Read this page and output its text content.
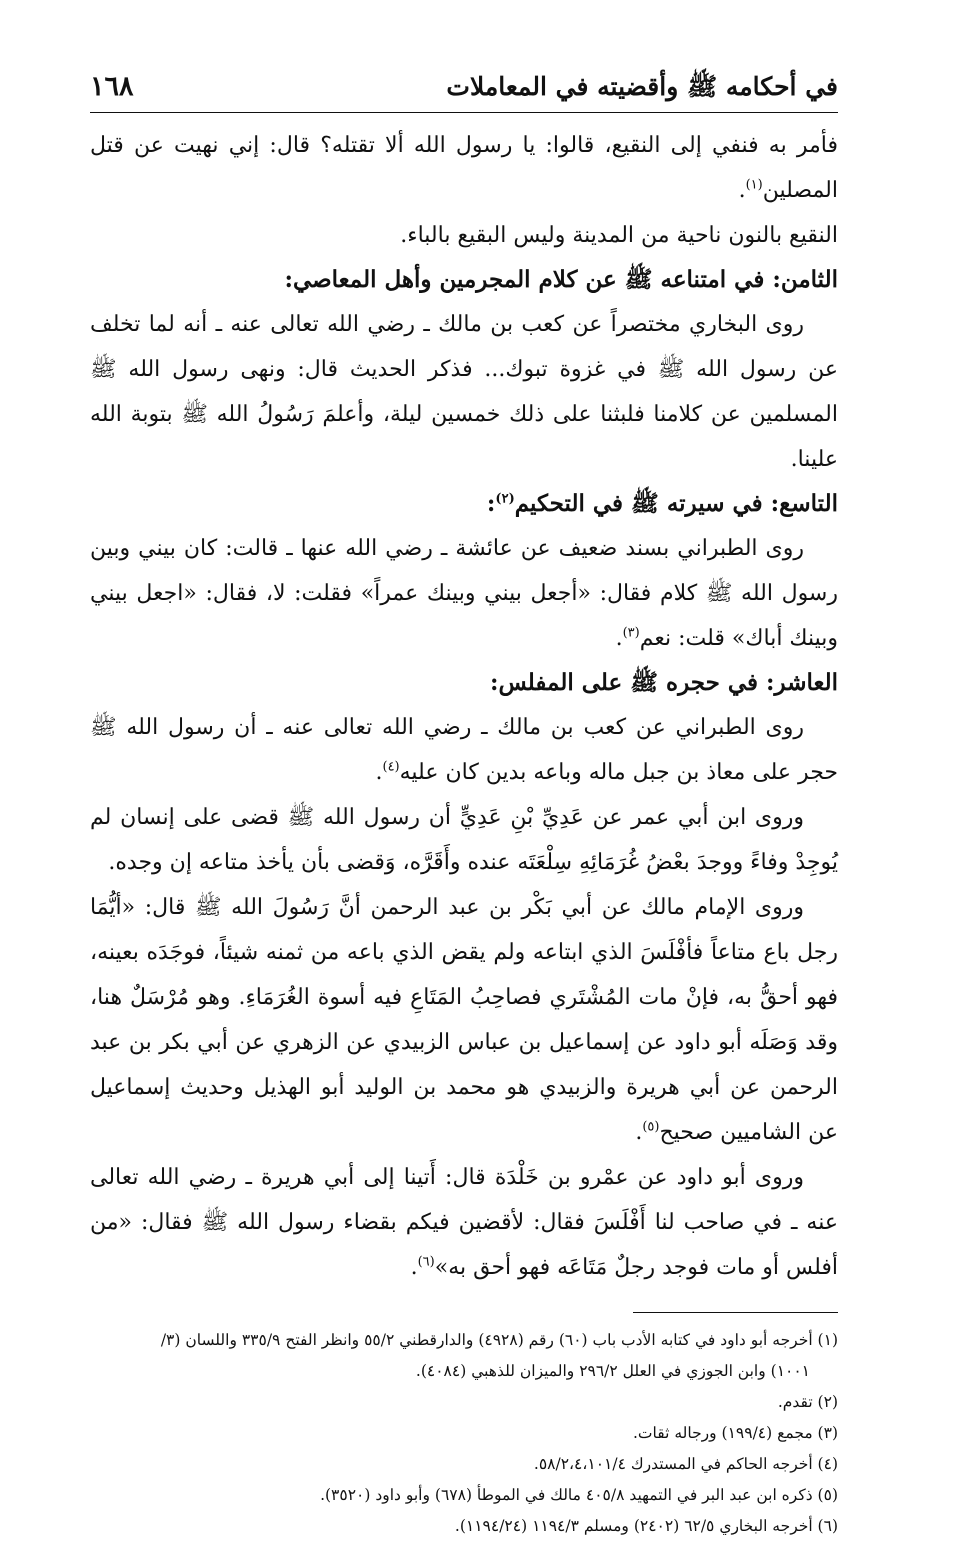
في أحكامه ﷺ وأقضيته في المعاملات
١٦٨

فأمر به فنفي إلى النقيع، قالوا: يا رسول الله ألا تقتله؟ قال: إني نهيت عن قتل المصلين$^{(١)}$.

النقيع بالنون ناحية من المدينة وليس البقيع بالباء.

الثامن: في امتناعه ﷺ عن كلام المجرمين وأهل المعاصي:

روى البخاري مختصراً عن كعب بن مالك ـ رضي الله تعالى عنه ـ أنه لما تخلف عن رسول الله ﷺ في غزوة تبوك... فذكر الحديث قال: ونهى رسول الله ﷺ المسلمين عن كلامنا فلبثنا على ذلك خمسين ليلة، وأعلمَ رَسُولُ الله ﷺ بتوبة الله علينا.

التاسع: في سيرته ﷺ في التحكيم$^{(٢)}$:

روى الطبراني بسند ضعيف عن عائشة ـ رضي الله عنها ـ قالت: كان بيني وبين رسول الله ﷺ كلام فقال: «أجعل بيني وبينك عمراً» فقلت: لا، فقال: «اجعل بيني وبينك أباك» قلت: نعم$^{(٣)}$.

العاشر: في حجره ﷺ على المفلس:

روى الطبراني عن كعب بن مالك ـ رضي الله تعالى عنه ـ أن رسول الله ﷺ حجر على معاذ بن جبل ماله وباعه بدين كان عليه$^{(٤)}$.

وروى ابن أبي عمر عن عَدِيِّ بْنِ عَدِيٍّ أن رسول الله ﷺ قضى على إنسان لم يُوجِدْ وفاءً ووجدَ بعْضُ غُرَمَائِهِ سِلْعَتَه عنده وأَقَرَّه، وَقضى بأن يأخذ متاعه إن وجده.

وروى الإمام مالك عن أبي بَكْر بن عبد الرحمن أنَّ رَسُولَ الله ﷺ قال: «أيُّمَا رجل باع متاعاً فأفْلَسَ الذي ابتاعه ولم يقض الذي باعه من ثمنه شيئاً، فوجَدَه بعينه، فهو أحقُّ به، فإنْ مات المُشْتَري فصاحِبُ المَتَاعِ فيه أسوة الغُرَمَاءِ. وهو مُرْسَلٌ هنا، وقد وَصَلَه أبو داود عن إسماعيل بن عباس الزبيدي عن الزهري عن أبي بكر بن عبد الرحمن عن أبي هريرة والزبيدي هو محمد بن الوليد أبو الهذيل وحديث إسماعيل عن الشاميين صحيح$^{(٥)}$.

وروى أبو داود عن عمْرو بن خَلْدَة قال: أَتينا إلى أبي هريرة ـ رضي الله تعالى عنه ـ في صاحب لنا أَفْلَسَ فقال: لأقضين فيكم بقضاء رسول الله ﷺ فقال: «من أفلس أو مات فوجد رجلٌ مَتَاعَه فهو أحق به»$^{(٦)}$.

(١) أخرجه أبو داود في كتابه الأدب باب (٦٠) رقم (٤٩٢٨) والدارقطني ٥٥/٢ وانظر الفتح ٣٣٥/٩ واللسان (٣/
١٠٠١) وابن الجوزي في العلل ٢٩٦/٢ والميزان للذهبي (٤٠٨٤).

(٢) تقدم.

(٣) مجمع (١٩٩/٤) ورجاله ثقات.

(٤) أخرجه الحاكم في المستدرك ٥٨/٢،٤،١٠١/٤.

(٥) ذكره ابن عبد البر في التمهيد ٤٠٥/٨ مالك في الموطأ (٦٧٨) وأبو داود (٣٥٢٠).

(٦) أخرجه البخاري ٦٢/٥ (٢٤٠٢) ومسلم ١١٩٤/٣ (١١٩٤/٢٤).
